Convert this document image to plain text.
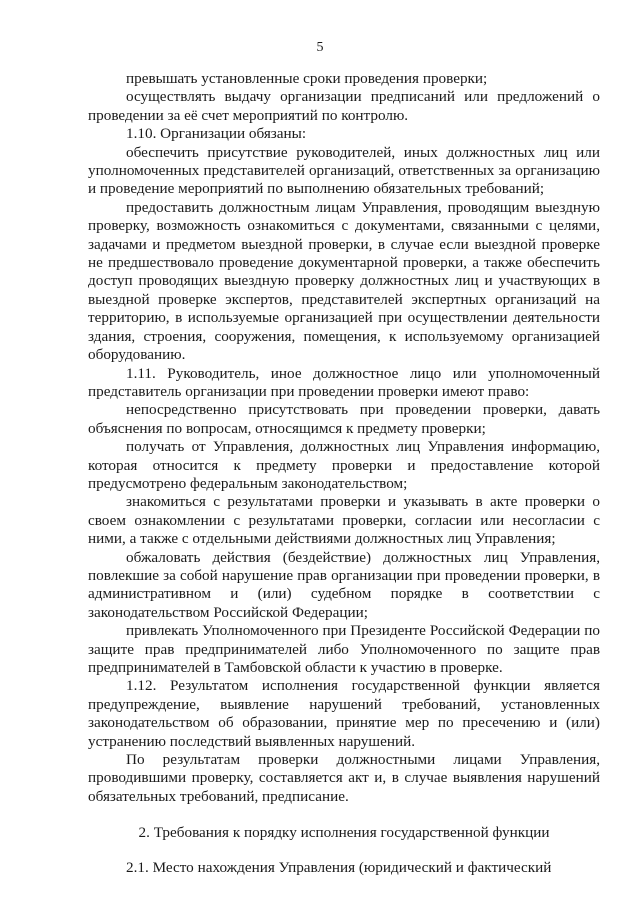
5

превышать установленные сроки проведения проверки;

осуществлять выдачу организации предписаний или предложений о проведении за её счет мероприятий по контролю.

1.10. Организации обязаны:

обеспечить присутствие руководителей, иных должностных лиц или уполномоченных представителей организаций, ответственных за организацию и проведение мероприятий по выполнению обязательных требований;

предоставить должностным лицам Управления, проводящим выездную проверку, возможность ознакомиться с документами, связанными с целями, задачами и предметом выездной проверки, в случае если выездной проверке не предшествовало проведение документарной проверки, а также обеспечить доступ проводящих выездную проверку должностных лиц и участвующих в выездной проверке экспертов, представителей экспертных организаций на территорию, в используемые организацией при осуществлении деятельности здания, строения, сооружения, помещения, к используемому организацией оборудованию.

1.11. Руководитель, иное должностное лицо или уполномоченный представитель организации при проведении проверки имеют право:

непосредственно присутствовать при проведении проверки, давать объяснения по вопросам, относящимся к предмету проверки;

получать от Управления, должностных лиц Управления информацию, которая относится к предмету проверки и предоставление которой предусмотрено федеральным законодательством;

знакомиться с результатами проверки и указывать в акте проверки о своем ознакомлении с результатами проверки, согласии или несогласии с ними, а также с отдельными действиями должностных лиц Управления;

обжаловать действия (бездействие) должностных лиц Управления, повлекшие за собой нарушение прав организации при проведении проверки, в административном и (или) судебном порядке в соответствии с законодательством Российской Федерации;

привлекать Уполномоченного при Президенте Российской Федерации по защите прав предпринимателей либо Уполномоченного по защите прав предпринимателей в Тамбовской области к участию в проверке.

1.12. Результатом исполнения государственной функции является предупреждение, выявление нарушений требований, установленных законодательством об образовании, принятие мер по пресечению и (или) устранению последствий выявленных нарушений.

По результатам проверки должностными лицами Управления, проводившими проверку, составляется акт и, в случае выявления нарушений обязательных требований, предписание.

2. Требования к порядку исполнения государственной функции

2.1. Место нахождения Управления (юридический и фактический
